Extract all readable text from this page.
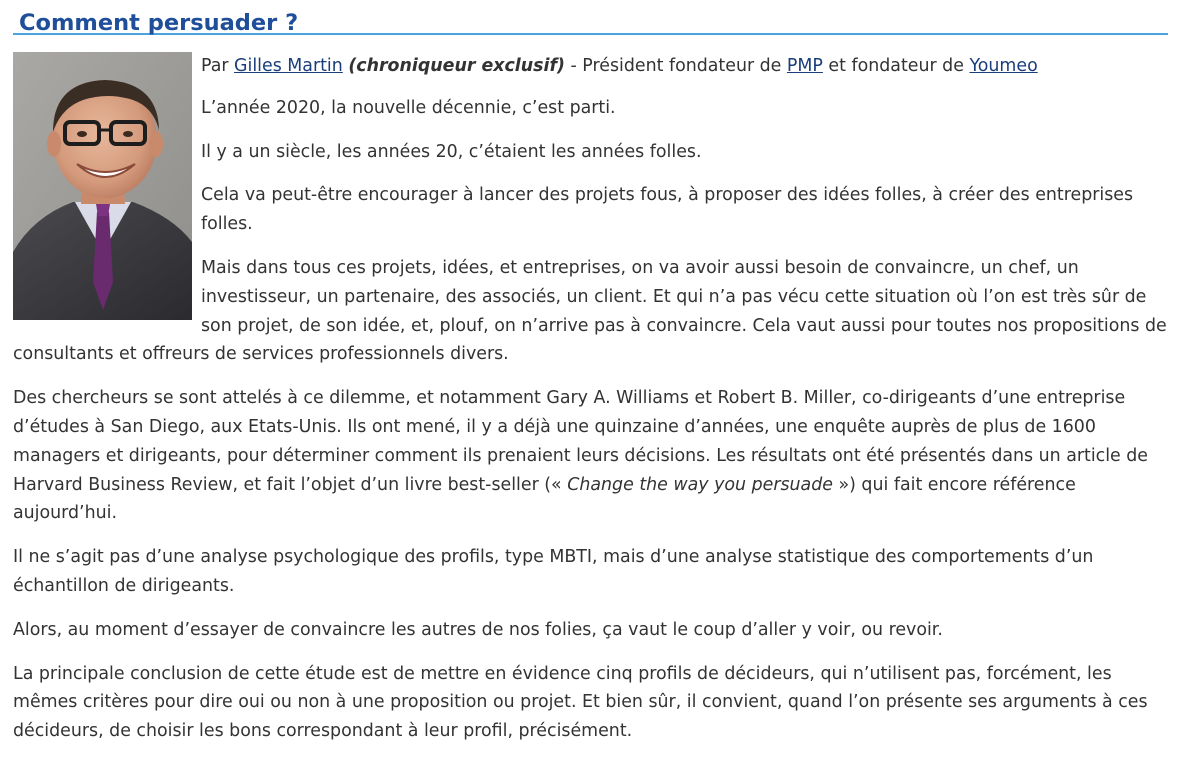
Comment persuader ?

Par Gilles Martin (chroniqueur exclusif) - Président fondateur de PMP et fondateur de Youmeo

L’année 2020, la nouvelle décennie, c’est parti.

Il y a un siècle, les années 20, c’étaient les années folles.

Cela va peut-être encourager à lancer des projets fous, à proposer des idées folles, à créer des entreprises folles.

Mais dans tous ces projets, idées, et entreprises, on va avoir aussi besoin de convaincre, un chef, un investisseur, un partenaire, des associés, un client. Et qui n’a pas vécu cette situation où l’on est très sûr de son projet, de son idée, et, plouf, on n’arrive pas à convaincre. Cela vaut aussi pour toutes nos propositions de consultants et offreurs de services professionnels divers.

Des chercheurs se sont attelés à ce dilemme, et notamment Gary A. Williams et Robert B. Miller, co-dirigeants d’une entreprise d’études à San Diego, aux Etats-Unis. Ils ont mené, il y a déjà une quinzaine d’années, une enquête auprès de plus de 1600 managers et dirigeants, pour déterminer comment ils prenaient leurs décisions. Les résultats ont été présentés dans un article de Harvard Business Review, et fait l’objet d’un livre best-seller (« Change the way you persuade ») qui fait encore référence aujourd’hui.

Il ne s’agit pas d’une analyse psychologique des profils, type MBTI, mais d’une analyse statistique des comportements d’un échantillon de dirigeants.

Alors, au moment d’essayer de convaincre les autres de nos folies, ça vaut le coup d’aller y voir, ou revoir.

La principale conclusion de cette étude est de mettre en évidence cinq profils de décideurs, qui n’utilisent pas, forcément, les mêmes critères pour dire oui ou non à une proposition ou projet. Et bien sûr, il convient, quand l’on présente ses arguments à ces décideurs, de choisir les bons correspondant à leur profil, précisément.
